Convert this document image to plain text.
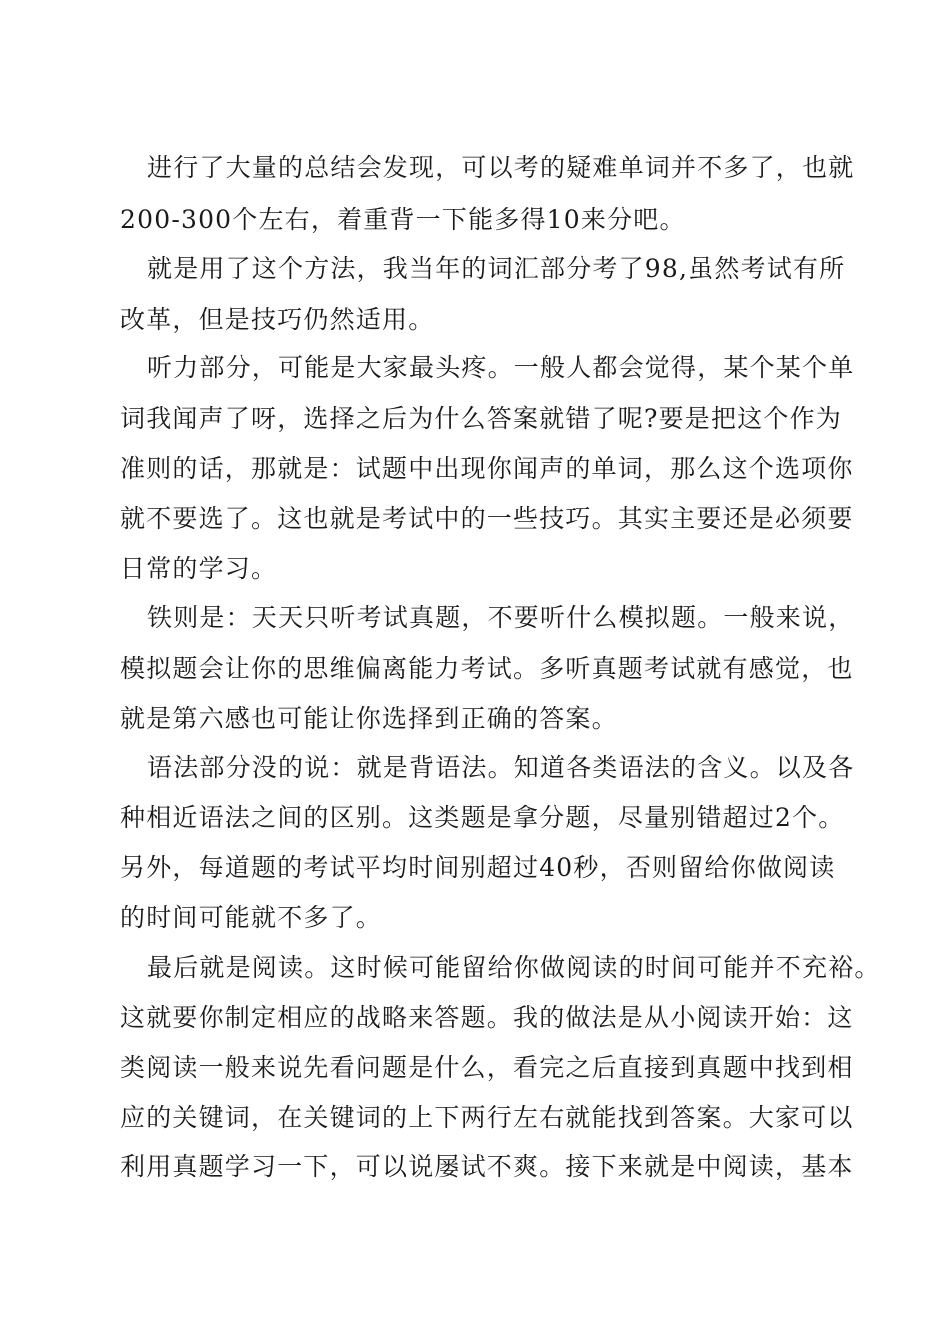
进行了大量的总结会发现，可以考的疑难单词并不多了，也就
200-300个左右，着重背一下能多得10来分吧。
就是用了这个方法，我当年的词汇部分考了98,虽然考试有所
改革，但是技巧仍然适用。
听力部分，可能是大家最头疼。一般人都会觉得，某个某个单
词我闻声了呀，选择之后为什么答案就错了呢?要是把这个作为
准则的话，那就是：试题中出现你闻声的单词，那么这个选项你
就不要选了。这也就是考试中的一些技巧。其实主要还是必须要
日常的学习。
铁则是：天天只听考试真题，不要听什么模拟题。一般来说，
模拟题会让你的思维偏离能力考试。多听真题考试就有感觉，也
就是第六感也可能让你选择到正确的答案。
语法部分没的说：就是背语法。知道各类语法的含义。以及各
种相近语法之间的区别。这类题是拿分题，尽量别错超过2个。
另外，每道题的考试平均时间别超过40秒，否则留给你做阅读
的时间可能就不多了。
最后就是阅读。这时候可能留给你做阅读的时间可能并不充裕。
这就要你制定相应的战略来答题。我的做法是从小阅读开始：这
类阅读一般来说先看问题是什么，看完之后直接到真题中找到相
应的关键词，在关键词的上下两行左右就能找到答案。大家可以
利用真题学习一下，可以说屡试不爽。接下来就是中阅读，基本
